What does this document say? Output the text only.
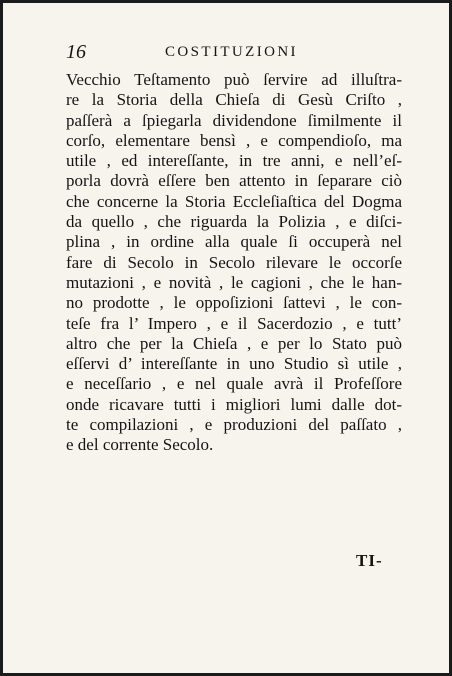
16	COSTITUZIONI
Vecchio Teſtamento può ſervire ad illuſtra-
re la Storia della Chieſa di Gesù Criſto ,
paſſerà a ſpiegarla dividendone ſimilmente il
corſo, elementare bensì , e compendioſo, ma
utile , ed intereſſante, in tre anni, e nell’eſ-
porla dovrà eſſere ben attento in ſeparare ciò
che concerne la Storia Eccleſiaſtica del Dogma
da quello , che riguarda la Polizia , e diſci-
plina , in ordine alla quale ſi occuperà nel
fare di Secolo in Secolo rilevare le occorſe
mutazioni , e novità , le cagioni , che le han-
no prodotte , le oppoſizioni ſattevi , le con-
teſe fra l’ Impero , e il Sacerdozio , e tutt’
altro che per la Chieſa , e per lo Stato può
eſſervi d’ intereſſante in uno Studio sì utile ,
e neceſſario , e nel quale avrà il Profeſſore
onde ricavare tutti i migliori lumi dalle dot-
te compilazioni , e produzioni del paſſato ,
e del corrente Secolo.
TI-
